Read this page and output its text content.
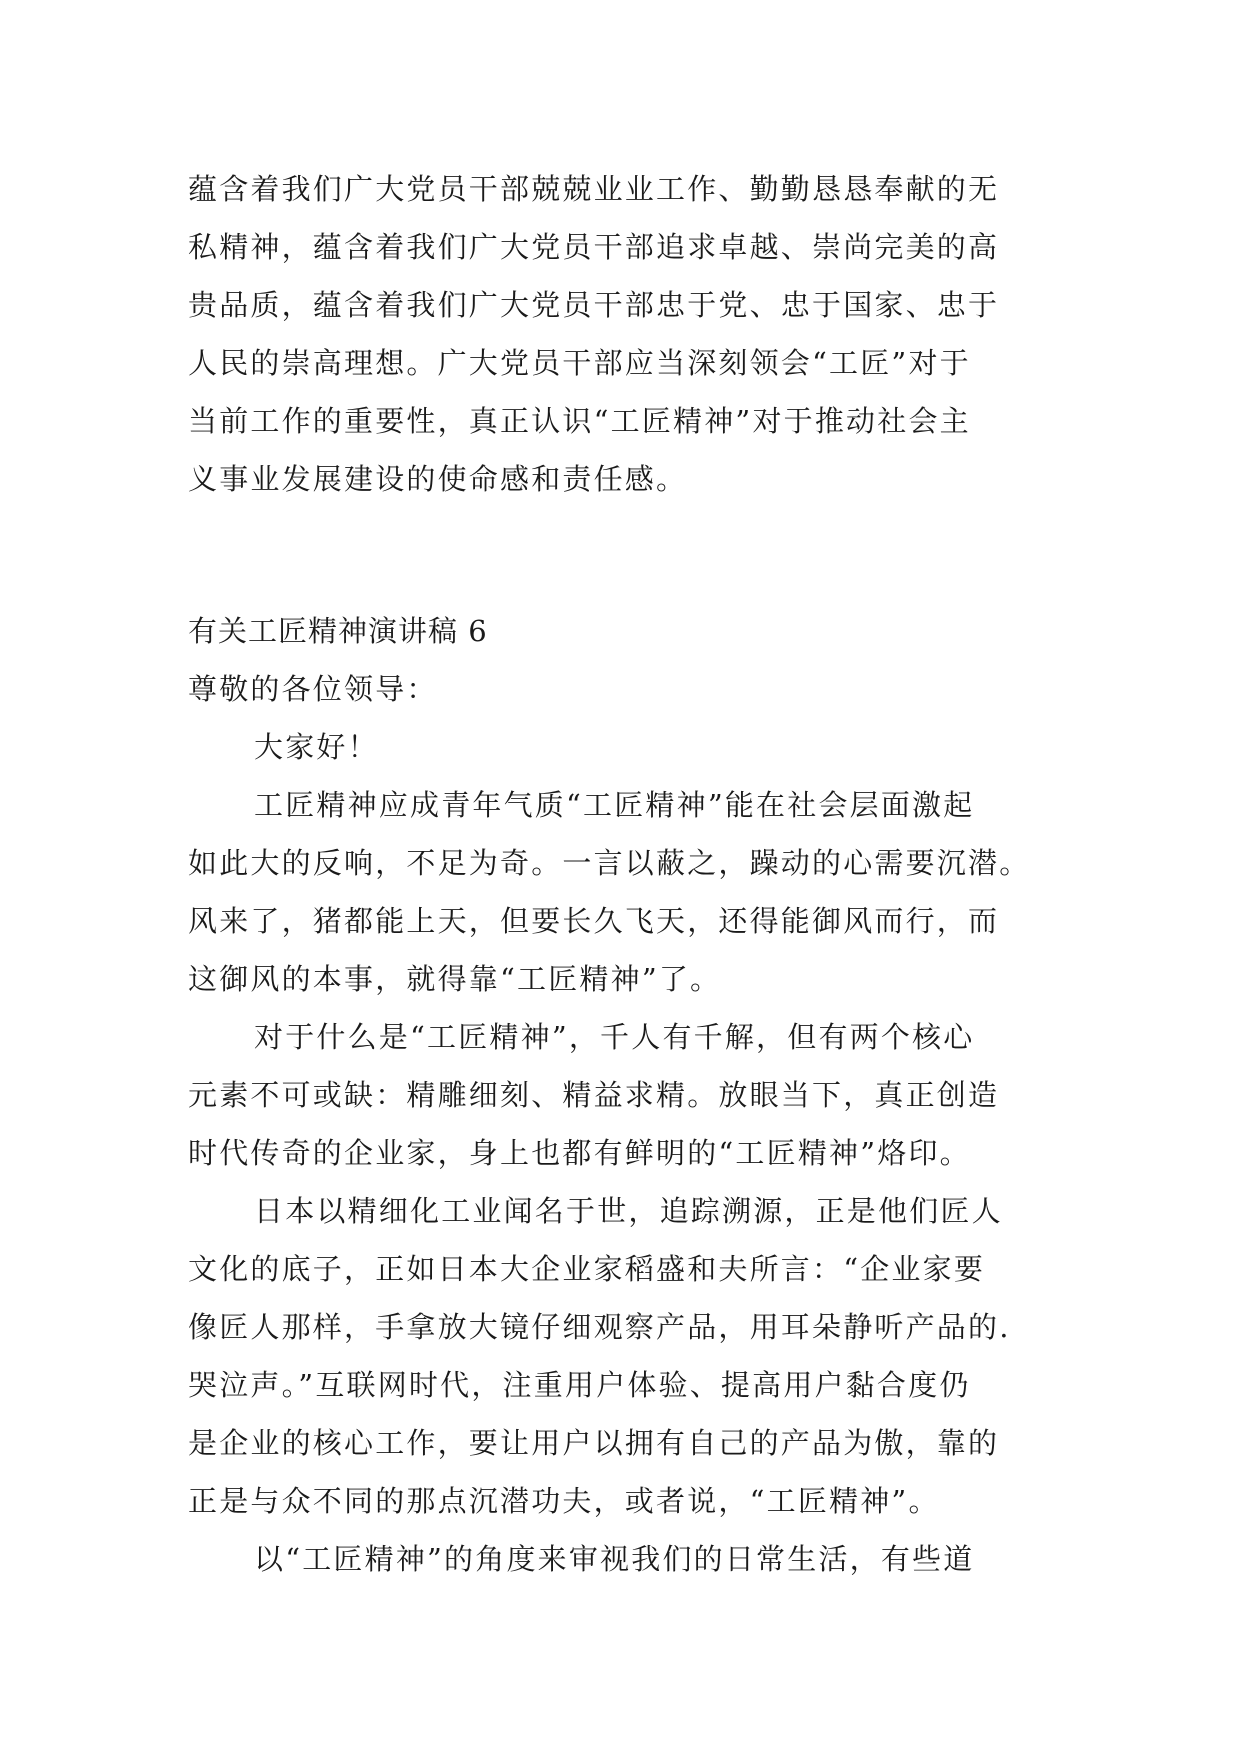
蕴含着我们广大党员干部兢兢业业工作、勤勤恳恳奉献的无
私精神，蕴含着我们广大党员干部追求卓越、崇尚完美的高
贵品质，蕴含着我们广大党员干部忠于党、忠于国家、忠于
人民的崇高理想。广大党员干部应当深刻领会“工匠”对于
当前工作的重要性，真正认识“工匠精神”对于推动社会主
义事业发展建设的使命感和责任感。
有关工匠精神演讲稿 6
尊敬的各位领导：
大家好！
工匠精神应成青年气质“工匠精神”能在社会层面激起
如此大的反响，不足为奇。一言以蔽之，躁动的心需要沉潜。
风来了，猪都能上天，但要长久飞天，还得能御风而行，而
这御风的本事，就得靠“工匠精神”了。
对于什么是“工匠精神”，千人有千解，但有两个核心
元素不可或缺：精雕细刻、精益求精。放眼当下，真正创造
时代传奇的企业家，身上也都有鲜明的“工匠精神”烙印。
日本以精细化工业闻名于世，追踪溯源，正是他们匠人
文化的底子，正如日本大企业家稻盛和夫所言：“企业家要
像匠人那样，手拿放大镜仔细观察产品，用耳朵静听产品的.
哭泣声。”互联网时代，注重用户体验、提高用户黏合度仍
是企业的核心工作，要让用户以拥有自己的产品为傲，靠的
正是与众不同的那点沉潜功夫，或者说，“工匠精神”。
以“工匠精神”的角度来审视我们的日常生活，有些道
